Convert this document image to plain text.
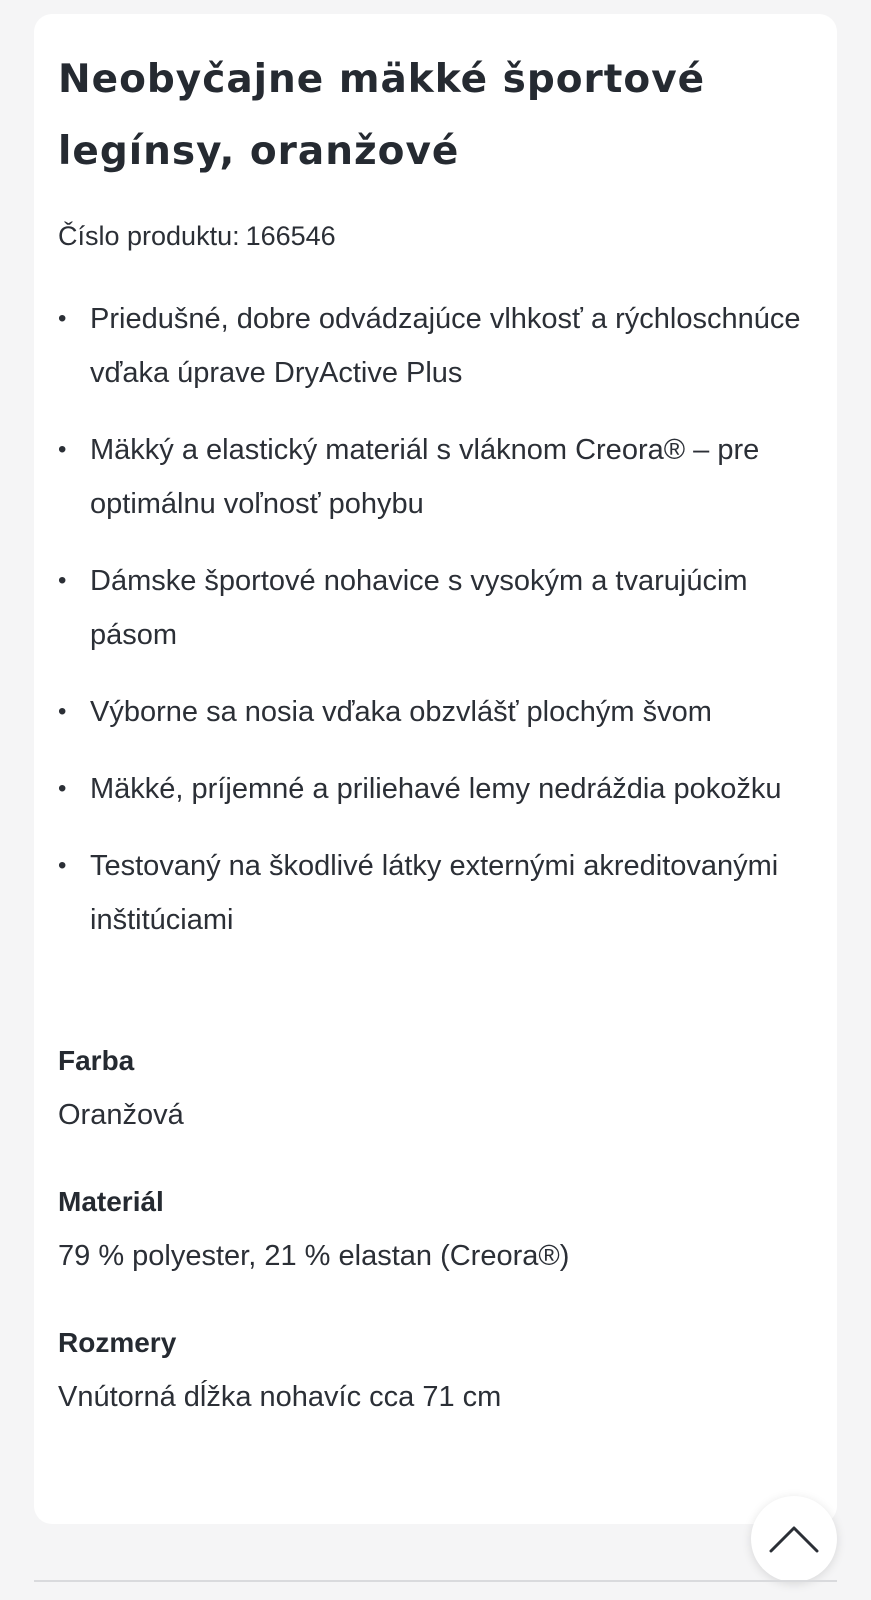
Neobyčajne mäkké športové legínsy, oranžové
Číslo produktu: 166546
• Priedušné, dobre odvádzajúce vlhkosť a rýchloschnúce vďaka úprave DryActive Plus
• Mäkký a elastický materiál s vláknom Creora® – pre optimálnu voľnosť pohybu
• Dámske športové nohavice s vysokým a tvarujúcim pásom
• Výborne sa nosia vďaka obzvlášť plochým švom
• Mäkké, príjemné a priliehavé lemy nedráždia pokožku
• Testovaný na škodlivé látky externými akreditovanými inštitúciami
Farba
Oranžová
Materiál
79 % polyester, 21 % elastan (Creora®)
Rozmery
Vnútorná dĺžka nohavíc cca 71 cm
